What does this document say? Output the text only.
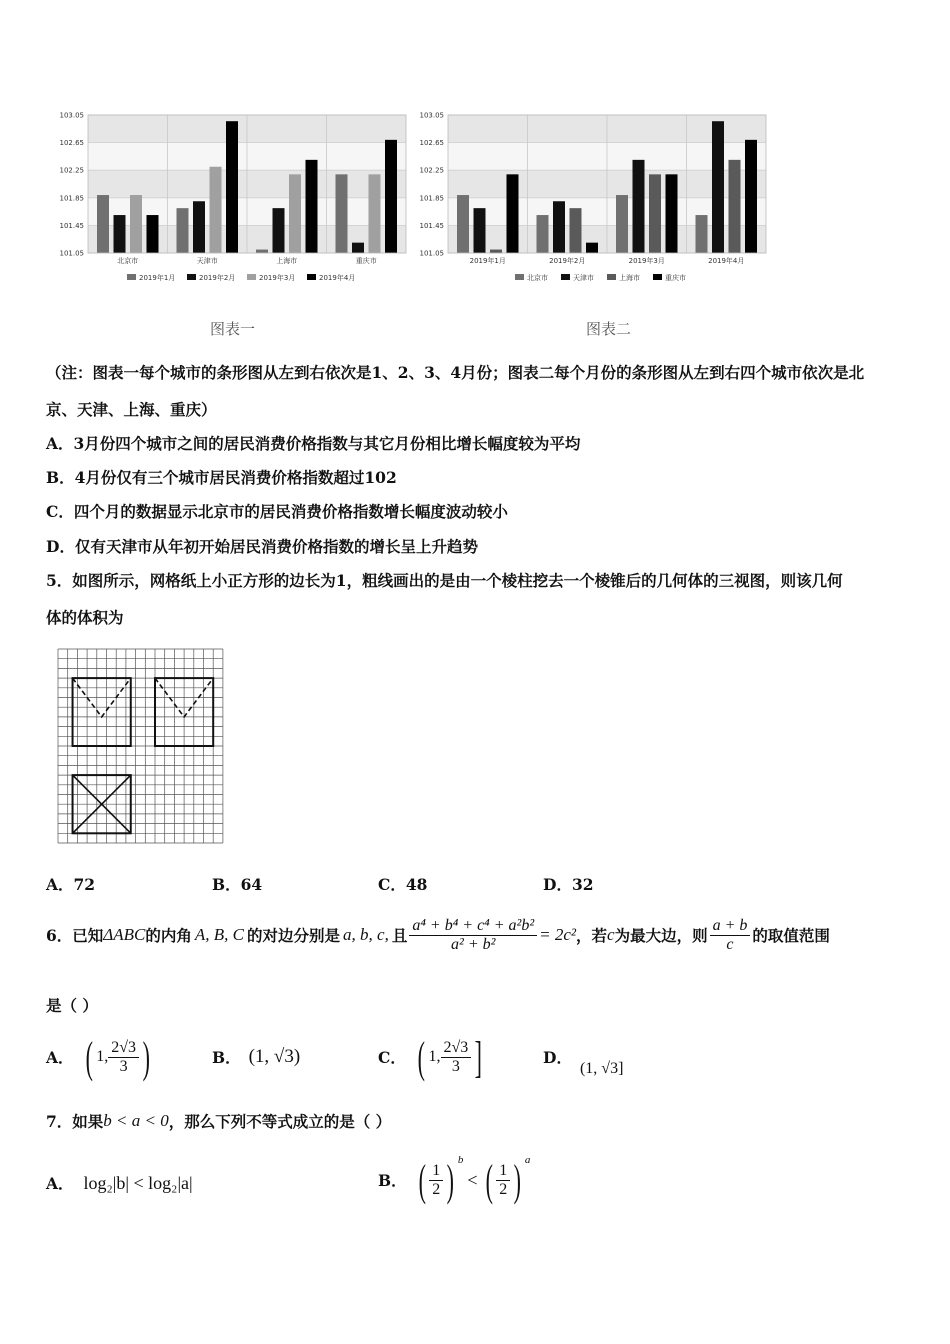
103.05
102.65
102.25
101.85
101.45
101.05
北京市	天津市	上海市	重庆市
2019年1月	2019年2月	2019年3月	2019年4月
图表一
103.05
102.65
102.25
101.85
101.45
101.05
2019年1月	2019年2月	2019年3月	2019年4月
北京市	天津市	上海市	重庆市
图表二
（注：图表一每个城市的条形图从左到右依次是1、2、3、4月份；图表二每个月份的条形图从左到右四个城市依次是北
京、天津、上海、重庆）
A．3月份四个城市之间的居民消费价格指数与其它月份相比增长幅度较为平均
B．4月份仅有三个城市居民消费价格指数超过102
C．四个月的数据显示北京市的居民消费价格指数增长幅度波动较小
D．仅有天津市从年初开始居民消费价格指数的增长呈上升趋势
5．如图所示，网格纸上小正方形的边长为1，粗线画出的是由一个棱柱挖去一个棱锥后的几何体的三视图，则该几何
体的体积为
A．72	B．64	C．48	D．32
6．已知 ΔABC 的内角 A, B, C 的对边分别是 a, b, c, 且 $\frac{\text{a⁴ + b⁴ + c⁴ + a²b²}}{\text{a² + b²}} = 2c^2$ ，若 c 为最大边，则 $\frac{a + b}{c}$ 的取值范围
是（ ）
A． ( 1, $\frac{2√3}{3}$ )	B． (1, √3)	C． ( 1, $\frac{2√3}{3}$ ]	D．
(1, √3]
7．如果 b < a < 0 ，那么下列不等式成立的是（ ）
A． log₂|b| < log₂|a|	B． ( $\frac{1}{2}$ ) b
< ( $\frac{1}{2}$ ) a
